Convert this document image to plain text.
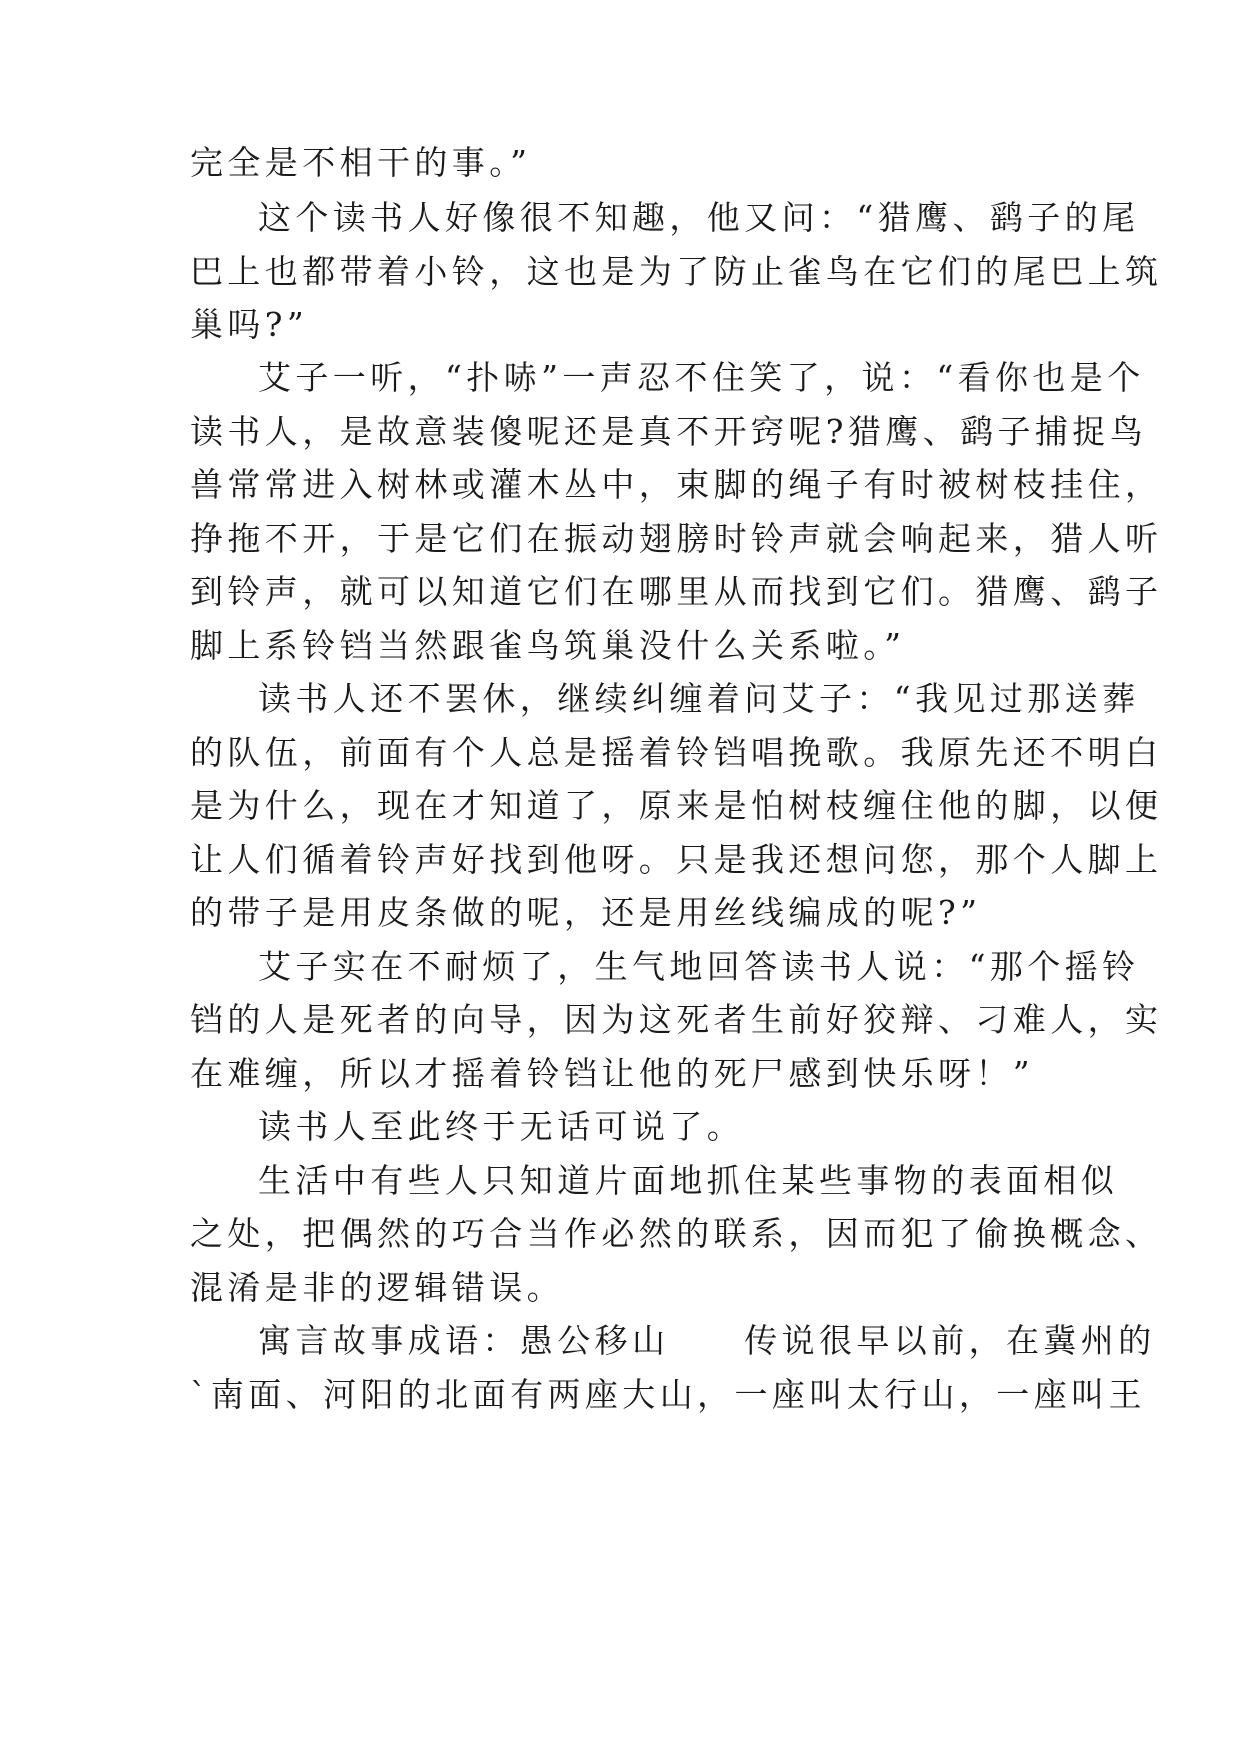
完全是不相干的事。”
这个读书人好像很不知趣，他又问：“猎鹰、鹞子的尾
巴上也都带着小铃，这也是为了防止雀鸟在它们的尾巴上筑
巢吗?”
艾子一听，“扑哧”一声忍不住笑了，说：“看你也是个
读书人，是故意装傻呢还是真不开窍呢?猎鹰、鹞子捕捉鸟
兽常常进入树林或灌木丛中，束脚的绳子有时被树枝挂住，
挣拖不开，于是它们在振动翅膀时铃声就会响起来，猎人听
到铃声，就可以知道它们在哪里从而找到它们。猎鹰、鹞子
脚上系铃铛当然跟雀鸟筑巢没什么关系啦。”
读书人还不罢休，继续纠缠着问艾子：“我见过那送葬
的队伍，前面有个人总是摇着铃铛唱挽歌。我原先还不明白
是为什么，现在才知道了，原来是怕树枝缠住他的脚，以便
让人们循着铃声好找到他呀。只是我还想问您，那个人脚上
的带子是用皮条做的呢，还是用丝线编成的呢?”
艾子实在不耐烦了，生气地回答读书人说：“那个摇铃
铛的人是死者的向导，因为这死者生前好狡辩、刁难人，实
在难缠，所以才摇着铃铛让他的死尸感到快乐呀！”
读书人至此终于无话可说了。
生活中有些人只知道片面地抓住某些事物的表面相似
之处，把偶然的巧合当作必然的联系，因而犯了偷换概念、
混淆是非的逻辑错误。
寓言故事成语：愚公移山　　传说很早以前，在冀州的
`南面、河阳的北面有两座大山，一座叫太行山，一座叫王
